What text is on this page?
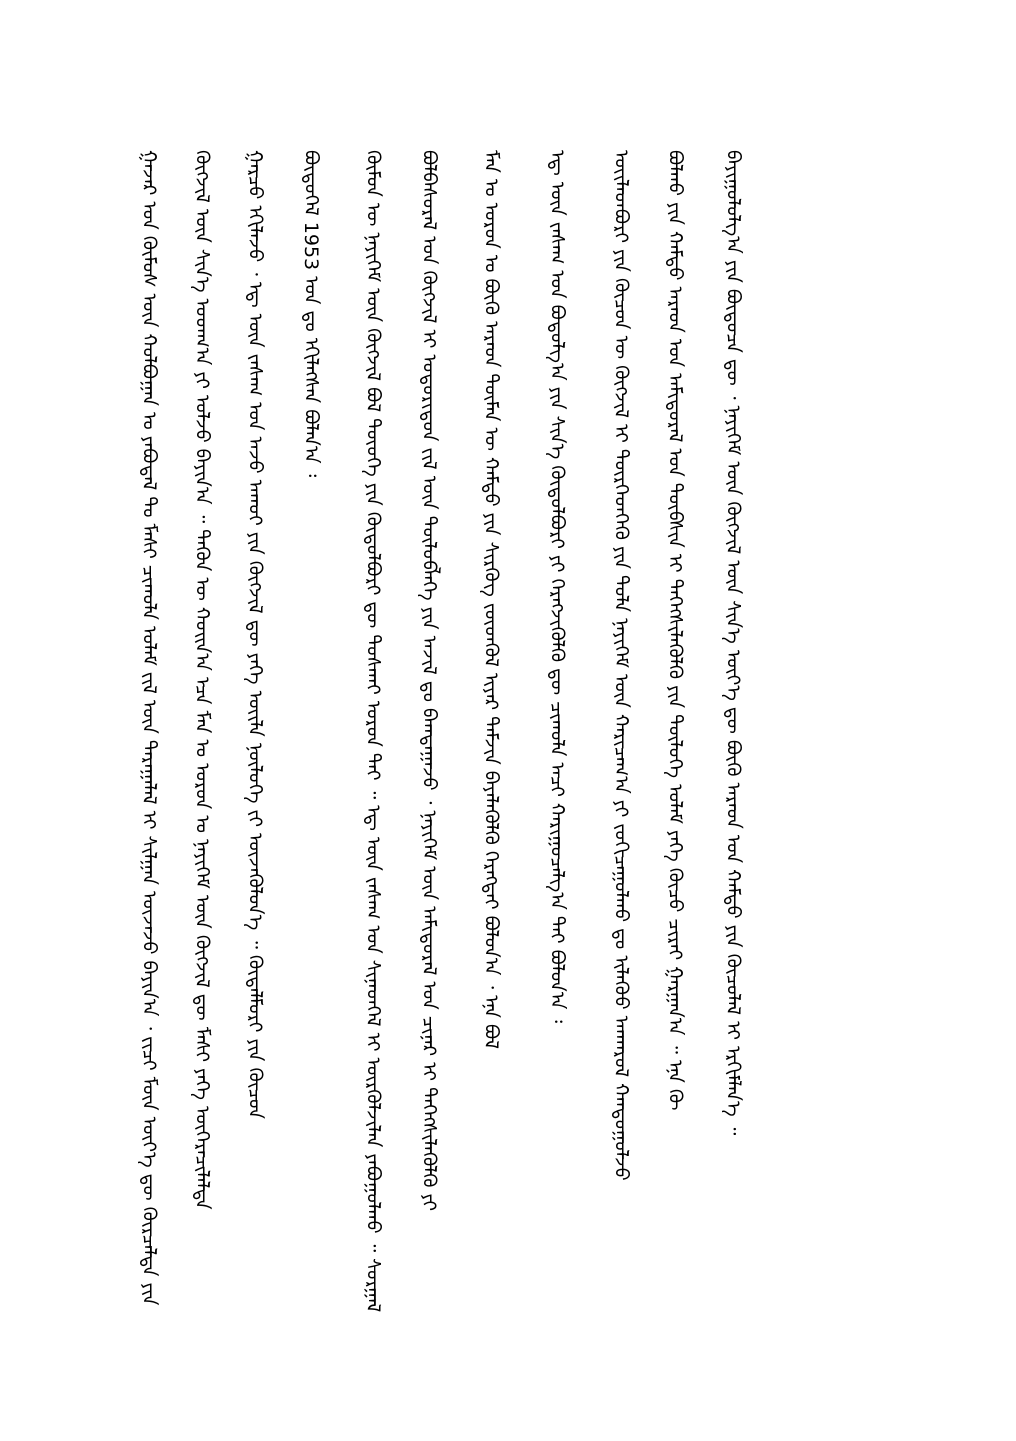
ᠭᠠᠵᠠᠷ ᠤᠨ ᠬᠦᠮᠦᠰ ᠦᠨ ᠬᠣᠯᠪᠣᠭᠠᠨ ᠤ ᠶᠠᠪᠤᠳᠠᠯ ᠲᠤ ᠮᠠᠰᠢ ᠴᠢᠬᠤᠯᠠ ᠤᠯᠠᠮ ᠵᠢᠯ ᠦᠨ ᠳᠠᠷᠠᠭᠠᠯᠠᠯ ᠢ ᠰᠢᠯᠭᠠᠨ ᠦᠵᠡᠵᠦ ᠪᠠᠶᠢᠨ᠎ᠠ ᠂ ᠵᠢᠴᠢ ᠮᠥᠨ ᠦᠶ᠎ᠡ ᠳᠦ ᠬᠦᠷᠴᠡᠯᠲᠡ ᠶᠢᠨ ᠬᠥᠭᠵᠢᠯ ᠦᠨ ᠰᠢᠨ᠎ᠡ ᠤᠳᠬ᠎ᠠ ᠶᠢ ᠣᠯᠵᠤ ᠪᠠᠶᠢᠨ᠎ᠠ ᠃ ᠲᠡᠭᠦᠨ ᠦ ᠬᠣᠢᠨ᠎ᠠ ᠡᠴᠡ ᠮᠠᠨ ᠤ ᠣᠷᠣᠨ ᠤ ᠨᠡᠶᠢᠭᠡᠮ ᠦᠨ ᠬᠥᠭᠵᠢᠯ ᠳᠦ ᠮᠠᠰᠢ ᠶᠡᠬᠡ ᠥᠭᠡᠷᠡᠴᠢᠯᠡᠯᠲᠡ ᠭᠠᠷᠴᠤ ᠡᠬᠢᠯᠡᠵᠦ ᠂ ᠡᠳ᠋ ᠦᠨ ᠵᠠᠰᠠᠭ ᠤᠨ ᠠᠵᠤ ᠠᠬᠤᠢ ᠶᠢᠨ ᠬᠥᠭᠵᠢᠯ ᠳᠦ ᠶᠡᠬᠡ ᠦᠢᠯᠡ ᠨᠥᠯᠦᠭᠡ ᠵᠢ ᠦᠵᠡᠭᠦᠯᠦᠨ᠎ᠡ ᠃ ᠬᠥᠳᠡᠯᠮᠦᠷᠢ ᠶᠢᠨ ᠬᠦᠴᠦᠨ ᠪᠦᠲᠦᠭᠡᠯ 1953 ᠣᠨ ᠳᠤ ᠡᠬᠢᠯᠡᠭᠰᠡᠨ ᠪᠣᠯᠠᠨ᠎ᠠ ᠄ ᠬᠦᠮᠦᠨ ᠦ ᠨᠡᠶᠢᠭᠡᠮ ᠦᠨ ᠬᠥᠭᠵᠢᠯ ᠪᠣᠯ ᠲᠦᠦᠬᠡ ᠶᠢᠨ ᠬᠥᠲᠦᠯᠪᠦᠷᠢ ᠳᠦ ᠲᠤᠰᠬᠠᠢ ᠣᠷᠣᠨ ᠲᠡᠢ ᠃ ᠡᠳ᠋ ᠦᠨ ᠵᠠᠰᠠᠭ ᠤᠨ ᠰᠢᠨᠡᠳᠬᠡᠯ ᠢ ᠦᠷᠬᠦᠯᠵᠢᠯᠡᠨ ᠶᠠᠪᠤᠭᠤᠯᠬᠤ ᠃ ᠰᠤᠷᠭᠠᠯ ᠪᠣᠯᠪᠠᠰᠤᠷᠠᠯ ᠤᠨ ᠬᠥᠭᠵᠢᠯ ᠢ ᠤᠳᠤᠷᠢᠳᠤᠨ ᠵᠢᠯ ᠦᠨ ᠲᠥᠯᠥᠪᠯᠡᠭᠡ ᠶᠢᠨ ᠠᠵᠢᠯ ᠳᠤ ᠪᠠᠭᠲᠠᠭᠠᠵᠤ ᠂ ᠨᠡᠶᠢᠭᠡᠮ ᠦᠨ ᠠᠮᠢᠳᠤᠷᠠᠯ ᠤᠨ ᠴᠢᠨᠠᠷ ᠢ ᠳᠡᠭᠡᠭᠰᠢᠯᠡᠭᠦᠯᠬᠦ ᠶᠢ ᠮᠠᠨ ᠤ ᠣᠷᠣᠨ ᠤ ᠪᠦᠬᠦ ᠠᠷᠠᠳ ᠲᠦᠮᠡᠨ ᠦ ᠬᠠᠮᠲᠤ ᠶᠢᠨ ᠰᠢᠷᠭᠦᠭ ᠵᠦᠳᠬᠦᠯ ᠢᠶᠡᠷ ᠳᠠᠮᠵᠢᠨ ᠪᠡᠶᠡᠯᠡᠭᠦᠯᠬᠦ ᠬᠡᠷᠡᠭᠲᠡᠢ ᠪᠣᠯᠤᠨ᠎ᠠ ᠂ ᠡᠨᠡ ᠪᠣᠯ ᠡᠳ᠋ ᠦᠨ ᠵᠠᠰᠠᠭ ᠤᠨ ᠪᠣᠳᠣᠯᠭ᠎ᠠ ᠶᠢᠨ ᠰᠢᠨ᠎ᠡ ᠬᠥᠲᠦᠯᠪᠦᠷᠢ ᠶᠢ ᠬᠡᠷᠡᠭᠵᠢᠭᠦᠯᠬᠦ ᠳᠦ ᠴᠢᠬᠤᠯᠠ ᠠᠴᠢ ᠬᠠᠷᠢᠭᠤᠴᠠᠯᠭ᠎ᠠ ᠲᠠᠢ ᠪᠣᠯᠤᠨ᠎ᠠ ᠄ ᠦᠢᠯᠡᠳᠪᠦᠷᠢ ᠶᠢᠨ ᠬᠦᠴᠦᠨ ᠦ ᠬᠥᠭᠵᠢᠯ ᠢ ᠲᠦᠷᠭᠡᠳᠬᠡᠬᠦ ᠶᠢᠨ ᠲᠤᠯᠠ ᠨᠡᠶᠢᠭᠡᠮ ᠦᠨ ᠬᠠᠷᠢᠴᠠᠭ᠎ᠠ ᠶᠢ ᠵᠣᠬᠢᠴᠠᠭᠤᠯᠬᠤ ᠳᠤ ᠢᠯᠡᠭᠦᠦ ᠠᠨᠬᠠᠷᠤᠯ ᠬᠠᠨᠳᠤᠭᠤᠯᠵᠤ ᠪᠣᠯᠬᠤ ᠶᠢᠨ ᠬᠠᠮᠲᠤ ᠠᠷᠠᠳ ᠤᠨ ᠠᠮᠢᠳᠤᠷᠠᠯ ᠤᠨ ᠲᠦᠪᠰᠢᠨ ᠢ ᠳᠡᠭᠡᠭᠰᠢᠯᠡᠭᠦᠯᠬᠦ ᠶᠢᠨ ᠲᠥᠯᠦᠭᠡ ᠤᠯᠠᠮ ᠶᠡᠬᠡ ᠬᠦᠴᠦ ᠴᠢᠷᠠᠢ ᠭᠠᠷᠭᠠᠨ᠎ᠠ ᠃ ᠡᠨᠡ ᠬᠦ ᠪᠠᠶᠢᠭᠤᠯᠤᠯᠭ᠎ᠠ ᠶᠢᠨ ᠪᠦᠲᠦᠴᠡ ᠳᠦ ᠂ ᠨᠡᠶᠢᠭᠡᠮ ᠦᠨ ᠬᠥᠭᠵᠢᠯ ᠦᠨ ᠰᠢᠨ᠎ᠡ ᠦᠶ᠎ᠡ ᠳᠦ ᠪᠦᠬᠦ ᠠᠷᠠᠳ ᠤᠨ ᠬᠠᠮᠲᠤ ᠶᠢᠨ ᠬᠦᠴᠦᠯᠡᠯ ᠢ ᠡᠷᠬᠢᠮᠯᠡᠨ᠎ᠡ ᠃
